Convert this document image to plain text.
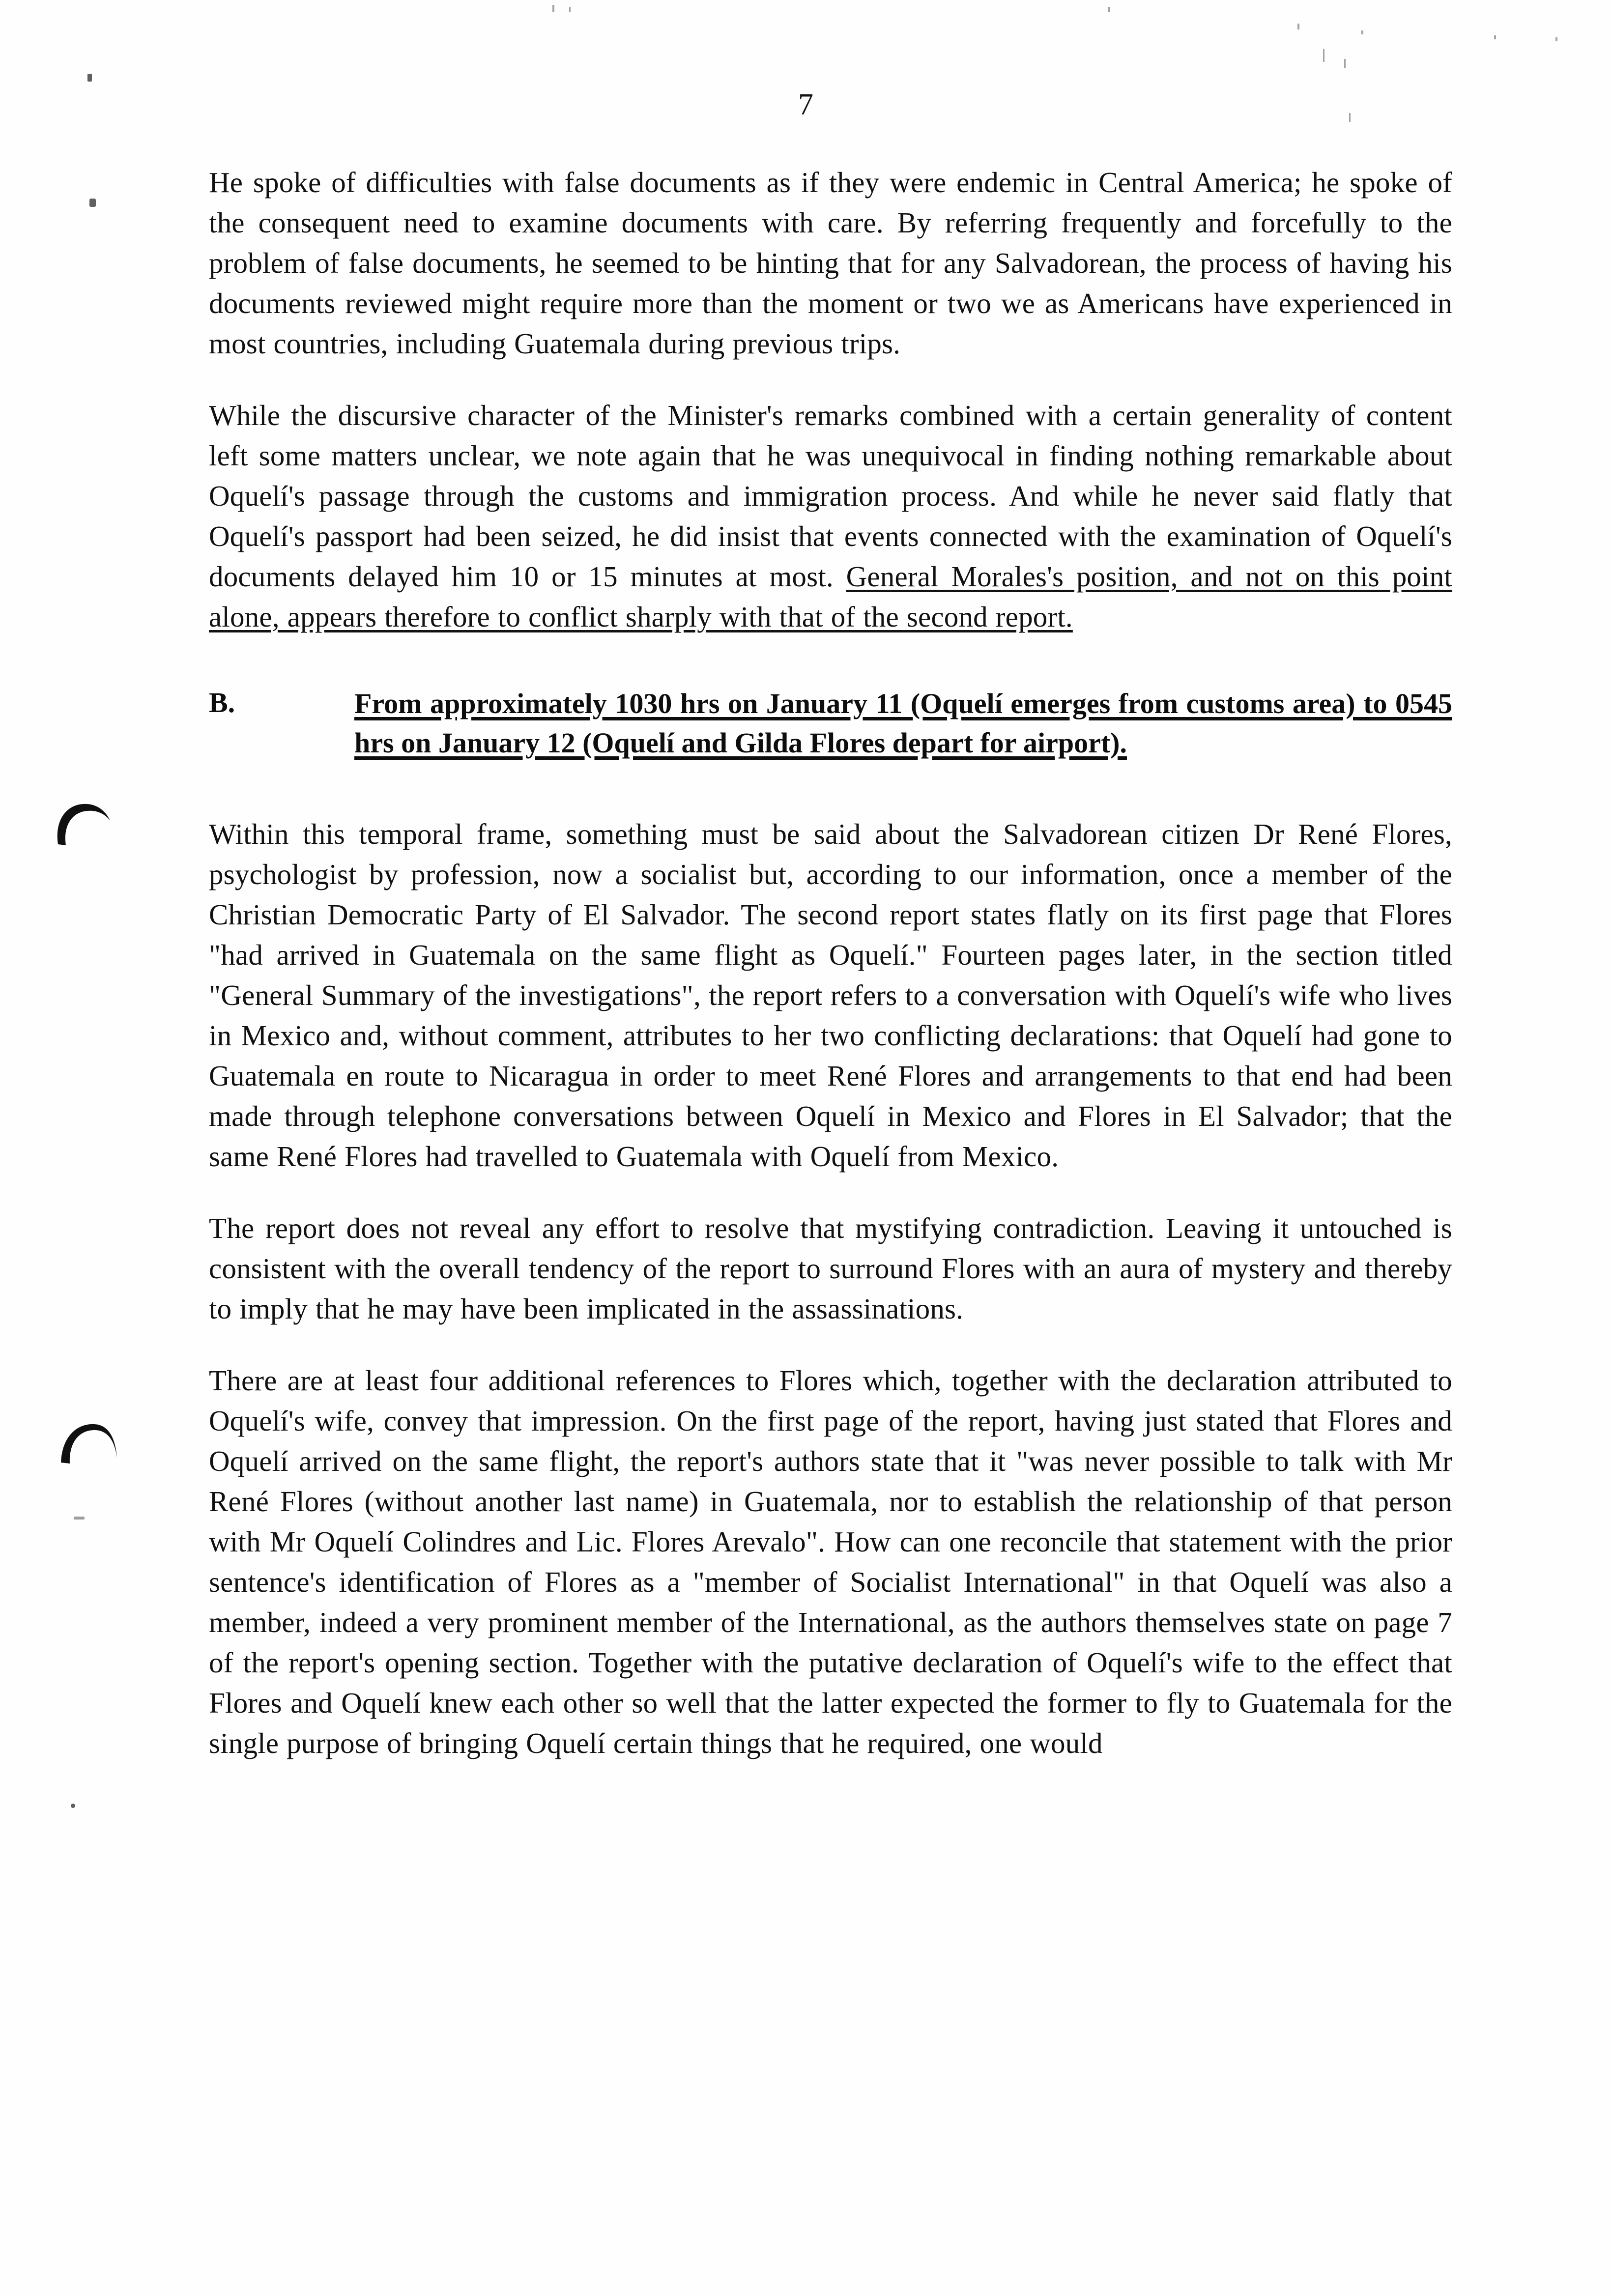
7

He spoke of difficulties with false documents as if they were endemic in Central America; he spoke of the consequent need to examine documents with care. By referring frequently and forcefully to the problem of false documents, he seemed to be hinting that for any Salvadorean, the process of having his documents reviewed might require more than the moment or two we as Americans have experienced in most countries, including Guatemala during previous trips.

While the discursive character of the Minister's remarks combined with a certain generality of content left some matters unclear, we note again that he was unequivocal in finding nothing remarkable about Oquelí's passage through the customs and immigration process. And while he never said flatly that Oquelí's passport had been seized, he did insist that events connected with the examination of Oquelí's documents delayed him 10 or 15 minutes at most. General Morales's position, and not on this point alone, appears therefore to conflict sharply with that of the second report.

B.	From approximately 1030 hrs on January 11 (Oquelí emerges from customs area) to 0545 hrs on January 12 (Oquelí and Gilda Flores depart for airport).

Within this temporal frame, something must be said about the Salvadorean citizen Dr René Flores, psychologist by profession, now a socialist but, according to our information, once a member of the Christian Democratic Party of El Salvador. The second report states flatly on its first page that Flores "had arrived in Guatemala on the same flight as Oquelí." Fourteen pages later, in the section titled "General Summary of the investigations", the report refers to a conversation with Oquelí's wife who lives in Mexico and, without comment, attributes to her two conflicting declarations: that Oquelí had gone to Guatemala en route to Nicaragua in order to meet René Flores and arrangements to that end had been made through telephone conversations between Oquelí in Mexico and Flores in El Salvador; that the same René Flores had travelled to Guatemala with Oquelí from Mexico.

The report does not reveal any effort to resolve that mystifying contradiction. Leaving it untouched is consistent with the overall tendency of the report to surround Flores with an aura of mystery and thereby to imply that he may have been implicated in the assassinations.

There are at least four additional references to Flores which, together with the declaration attributed to Oquelí's wife, convey that impression. On the first page of the report, having just stated that Flores and Oquelí arrived on the same flight, the report's authors state that it "was never possible to talk with Mr René Flores (without another last name) in Guatemala, nor to establish the relationship of that person with Mr Oquelí Colindres and Lic. Flores Arevalo". How can one reconcile that statement with the prior sentence's identification of Flores as a "member of Socialist International" in that Oquelí was also a member, indeed a very prominent member of the International, as the authors themselves state on page 7 of the report's opening section. Together with the putative declaration of Oquelí's wife to the effect that Flores and Oquelí knew each other so well that the latter expected the former to fly to Guatemala for the single purpose of bringing Oquelí certain things that he required, one would
